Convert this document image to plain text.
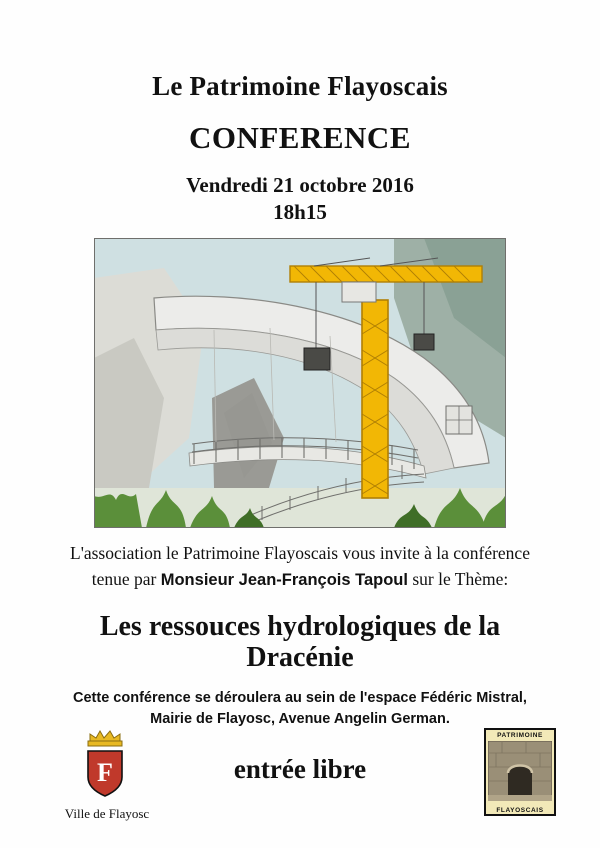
Le Patrimoine Flayoscais
CONFERENCE
Vendredi 21 octobre 2016
18h15
L'association le Patrimoine Flayoscais vous invite à la conférence
tenue par Monsieur Jean-François Tapoul sur le Thème:
Les ressouces hydrologiques de la
Dracénie
Cette conférence se déroulera au sein de l'espace Fédéric Mistral,
Mairie de Flayosc, Avenue Angelin German.
entrée libre
F
Ville de Flayosc
PATRIMOINE
FLAYOSCAIS
